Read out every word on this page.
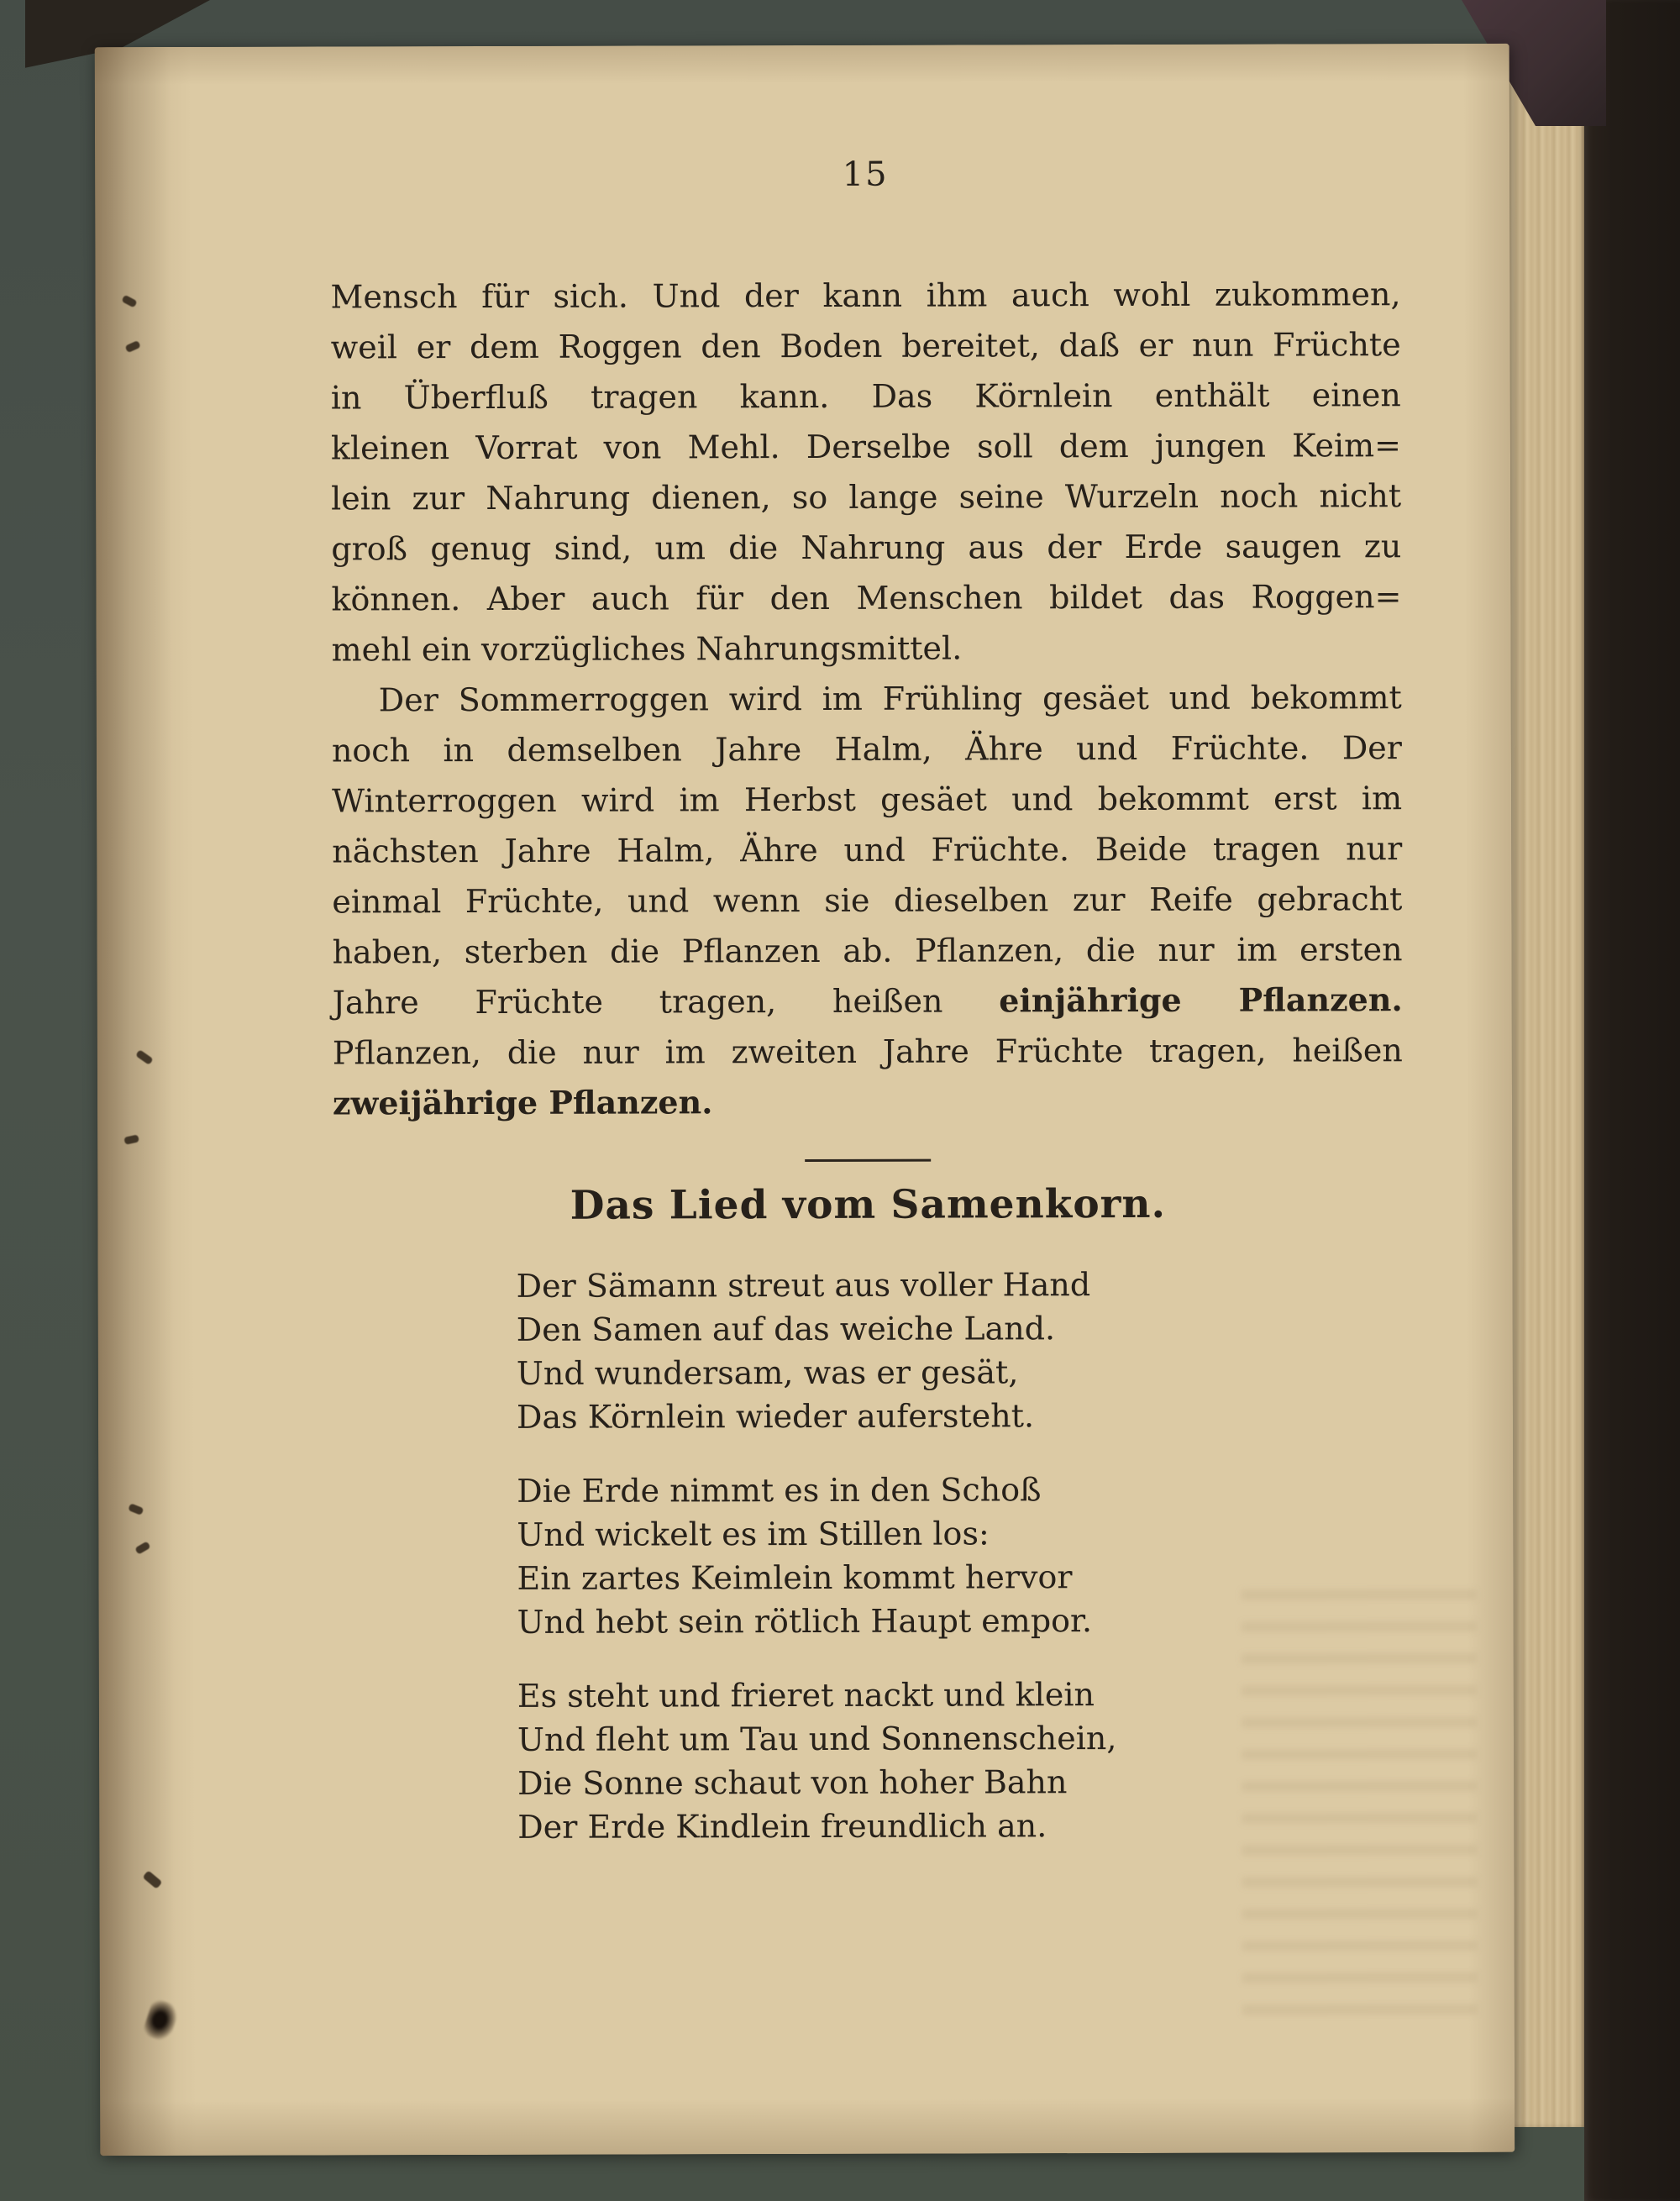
15
Mensch für sich. Und der kann ihm auch wohl zukommen,
weil er dem Roggen den Boden bereitet, daß er nun Früchte
in Überfluß tragen kann. Das Körnlein enthält einen
kleinen Vorrat von Mehl. Derselbe soll dem jungen Keim=
lein zur Nahrung dienen, so lange seine Wurzeln noch nicht
groß genug sind, um die Nahrung aus der Erde saugen zu
können. Aber auch für den Menschen bildet das Roggen=
mehl ein vorzügliches Nahrungsmittel.
Der Sommerroggen wird im Frühling gesäet und bekommt
noch in demselben Jahre Halm, Ähre und Früchte. Der
Winterroggen wird im Herbst gesäet und bekommt erst im
nächsten Jahre Halm, Ähre und Früchte. Beide tragen nur
einmal Früchte, und wenn sie dieselben zur Reife gebracht
haben, sterben die Pflanzen ab. Pflanzen, die nur im ersten
Jahre Früchte tragen, heißen einjährige Pflanzen.
Pflanzen, die nur im zweiten Jahre Früchte tragen, heißen
zweijährige Pflanzen.
Das Lied vom Samenkorn.
Der Sämann streut aus voller Hand
Den Samen auf das weiche Land.
Und wundersam, was er gesät,
Das Körnlein wieder aufersteht.
Die Erde nimmt es in den Schoß
Und wickelt es im Stillen los:
Ein zartes Keimlein kommt hervor
Und hebt sein rötlich Haupt empor.
Es steht und frieret nackt und klein
Und fleht um Tau und Sonnenschein,
Die Sonne schaut von hoher Bahn
Der Erde Kindlein freundlich an.
